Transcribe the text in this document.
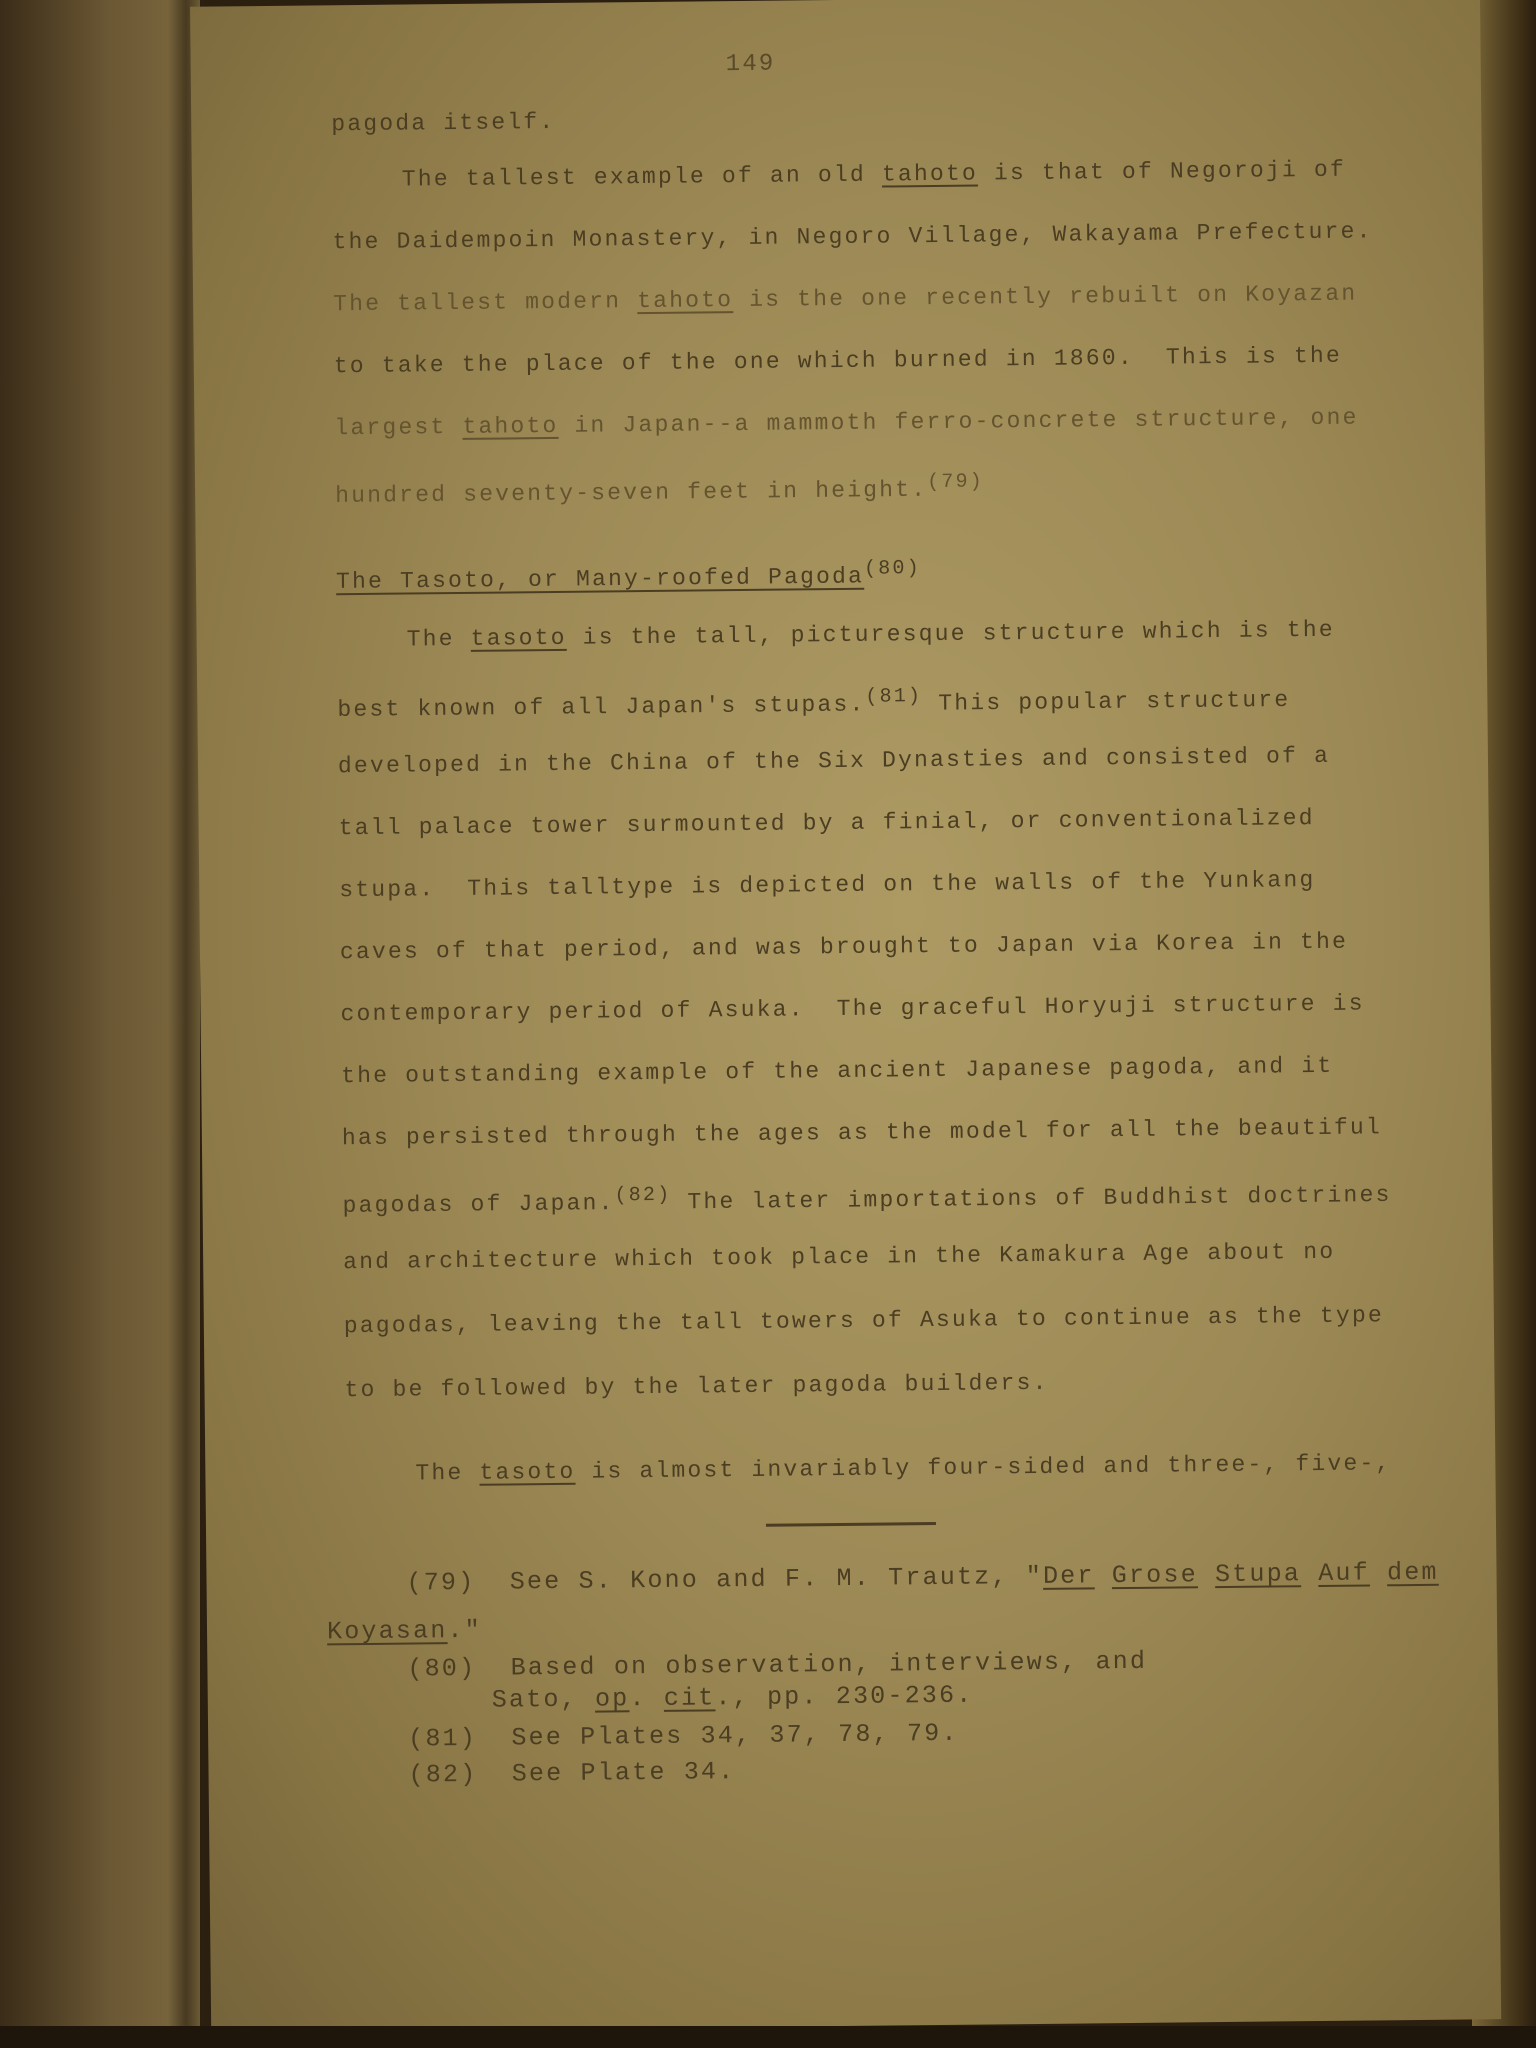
149
pagoda itself.
The tallest example of an old tahoto is that of Negoroji of
the Daidempoin Monastery, in Negoro Village, Wakayama Prefecture.
The tallest modern tahoto is the one recently rebuilt on Koyazan
to take the place of the one which burned in 1860.  This is the
largest tahoto in Japan--a mammoth ferro-concrete structure, one
hundred seventy-seven feet in height.(79)
The Tasoto, or Many-roofed Pagoda(80)
The tasoto is the tall, picturesque structure which is the
best known of all Japan's stupas.(81) This popular structure
developed in the China of the Six Dynasties and consisted of a
tall palace tower surmounted by a finial, or conventionalized
stupa.  This talltype is depicted on the walls of the Yunkang
caves of that period, and was brought to Japan via Korea in the
contemporary period of Asuka.  The graceful Horyuji structure is
the outstanding example of the ancient Japanese pagoda, and it
has persisted through the ages as the model for all the beautiful
pagodas of Japan.(82) The later importations of Buddhist doctrines
and architecture which took place in the Kamakura Age about no
pagodas, leaving the tall towers of Asuka to continue as the type
to be followed by the later pagoda builders.
The tasoto is almost invariably four-sided and three-, five-,
(79) See S. Kono and F. M. Trautz, "Der Grose Stupa Auf dem
Koyasan."
(80) Based on observation, interviews, and
Sato, op. cit., pp. 230-236.
(81) See Plates 34, 37, 78, 79.
(82) See Plate 34.
